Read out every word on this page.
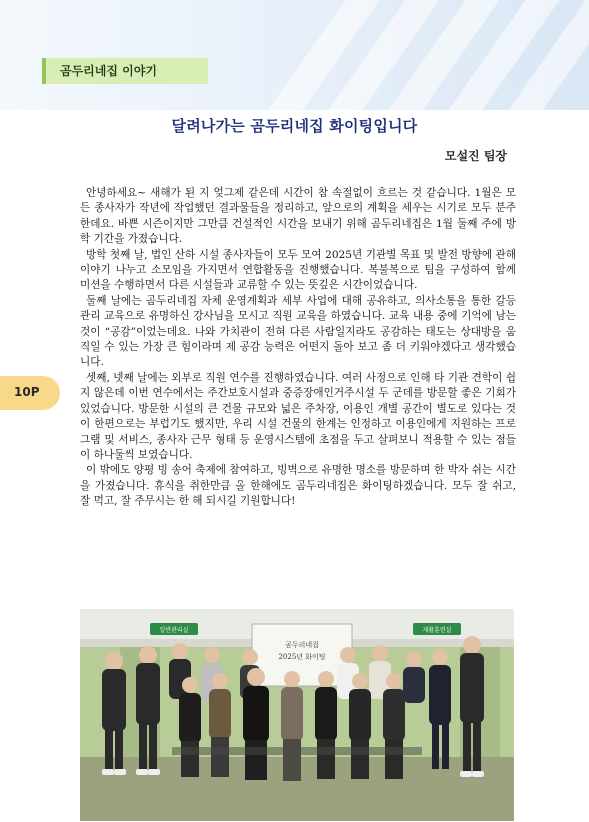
곰두리네집 이야기
달려나가는 곰두리네집 화이팅입니다
모설진 팀장
10P

안녕하세요~ 새해가 된 지 엊그제 같은데 시간이 참 속절없이 흐르는 것 같습니다. 1월은 모든 종사자가 작년에 작업했던 결과물들을 정리하고, 앞으로의 계획을 세우는 시기로 모두 분주한데요. 바쁜 시즌이지만 그만큼 건설적인 시간을 보내기 위해 곰두리네집은 1월 둘째 주에 방학 기간을 가졌습니다.

방학 첫째 날, 법인 산하 시설 종사자들이 모두 모여 2025년 기관별 목표 및 발전 방향에 관해 이야기 나누고 소모임을 가지면서 연합활동을 진행했습니다. 복불복으로 팀을 구성하여 함께 미션을 수행하면서 다른 시설들과 교류할 수 있는 뜻깊은 시간이었습니다.

둘째 날에는 곰두리네집 자체 운영계획과 세부 사업에 대해 공유하고, 의사소통을 통한 갈등 관리 교육으로 유명하신 강사님을 모시고 직원 교육을 하였습니다. 교육 내용 중에 기억에 남는 것이 “공감”이었는데요. 나와 가치관이 전혀 다른 사람일지라도 공감하는 태도는 상대방을 움직일 수 있는 가장 큰 힘이라며 제 공감 능력은 어떤지 돌아 보고 좀 더 키워야겠다고 생각했습니다.

셋째, 넷째 날에는 외부로 직원 연수를 진행하였습니다. 여러 사정으로 인해 타 기관 견학이 쉽지 않은데 이번 연수에서는 주간보호시설과 중증장애인거주시설 두 군데를 방문할 좋은 기회가 있었습니다. 방문한 시설의 큰 건물 규모와 넓은 주차장, 이용인 개별 공간이 별도로 있다는 것이 한편으로는 부럽기도 했지만, 우리 시설 건물의 한계는 인정하고 이용인에게 지원하는 프로그램 및 서비스, 종사자 근무 형태 등 운영시스템에 초점을 두고 살펴보니 적용할 수 있는 점들이 하나둘씩 보였습니다.

이 밖에도 양평 빙 송어 축제에 참여하고, 빙벽으로 유명한 명소를 방문하며 한 박자 쉬는 시간을 가졌습니다. 휴식을 취한만큼 올 한해에도 곰두리네집은 화이팅하겠습니다. 모두 잘 쉬고, 잘 먹고, 잘 주무시는 한 해 되시길 기원합니다!

일반관리실	재활훈련실
곰두리네집
2025년 화이팅
